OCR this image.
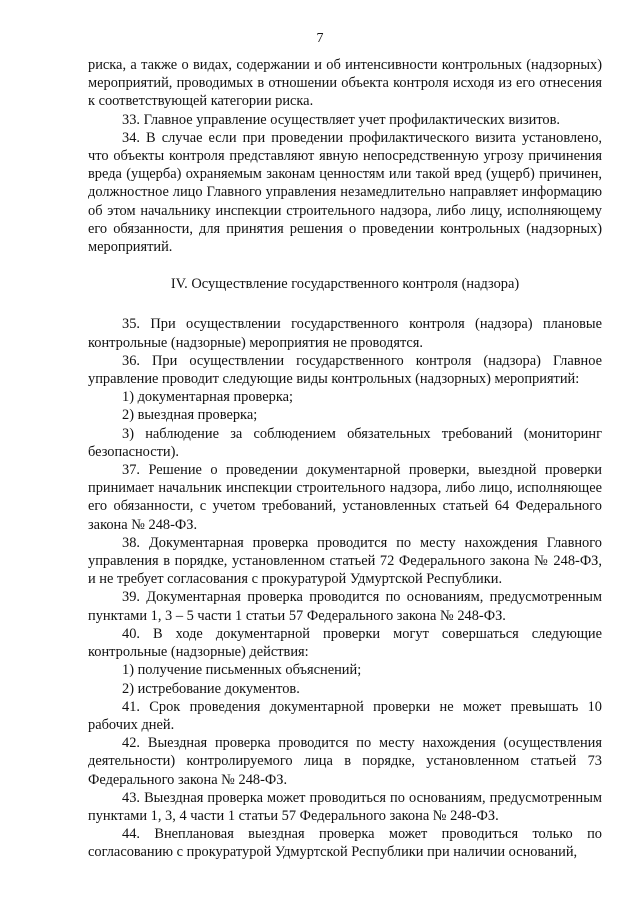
7

риска, а также о видах, содержании и об интенсивности контрольных (надзорных) мероприятий, проводимых в отношении объекта контроля исходя из его отнесения к соответствующей категории риска.

33. Главное управление осуществляет учет профилактических визитов.

34. В случае если при проведении профилактического визита установлено, что объекты контроля представляют явную непосредственную угрозу причинения вреда (ущерба) охраняемым законам ценностям или такой вред (ущерб) причинен, должностное лицо Главного управления незамедлительно направляет информацию об этом начальнику инспекции строительного надзора, либо лицу, исполняющему его обязанности, для принятия решения о проведении контрольных (надзорных) мероприятий.

IV. Осуществление государственного контроля (надзора)

35. При осуществлении государственного контроля (надзора) плановые контрольные (надзорные) мероприятия не проводятся.

36. При осуществлении государственного контроля (надзора) Главное управление проводит следующие виды контрольных (надзорных) мероприятий:

1) документарная проверка;

2) выездная проверка;

3) наблюдение за соблюдением обязательных требований (мониторинг безопасности).

37. Решение о проведении документарной проверки, выездной проверки принимает начальник инспекции строительного надзора, либо лицо, исполняющее его обязанности, с учетом требований, установленных статьей 64 Федерального закона № 248-ФЗ.

38. Документарная проверка проводится по месту нахождения Главного управления в порядке, установленном статьей 72 Федерального закона № 248-ФЗ, и не требует согласования с прокуратурой Удмуртской Республики.

39. Документарная проверка проводится по основаниям, предусмотренным пунктами 1, 3 – 5 части 1 статьи 57 Федерального закона № 248-ФЗ.

40. В ходе документарной проверки могут совершаться следующие контрольные (надзорные) действия:

1) получение письменных объяснений;

2) истребование документов.

41. Срок проведения документарной проверки не может превышать 10 рабочих дней.

42. Выездная проверка проводится по месту нахождения (осуществления деятельности) контролируемого лица в порядке, установленном статьей 73 Федерального закона № 248-ФЗ.

43. Выездная проверка может проводиться по основаниям, предусмотренным пунктами 1, 3, 4 части 1 статьи 57 Федерального закона № 248-ФЗ.

44. Внеплановая выездная проверка может проводиться только по согласованию с прокуратурой Удмуртской Республики при наличии оснований,
